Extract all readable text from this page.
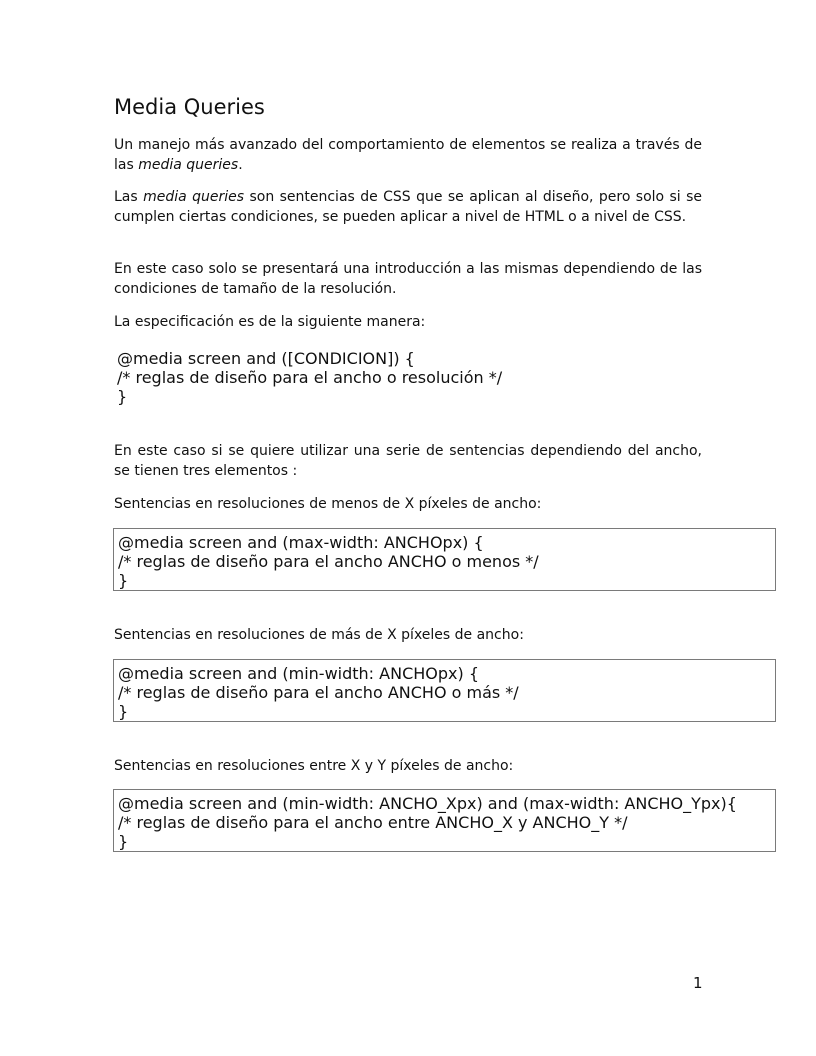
Media Queries

Un manejo más avanzado del comportamiento de elementos se realiza a través de las media queries.

Las media queries son sentencias de CSS que se aplican al diseño, pero solo si se cumplen ciertas condiciones, se pueden aplicar a nivel de HTML o a nivel de CSS.

En este caso solo se presentará una introducción a las mismas dependiendo de las condiciones de tamaño de la resolución.

La especificación es de la siguiente manera:

@media screen and ([CONDICION]) {
/* reglas de diseño para el ancho o resolución */
}

En este caso si se quiere utilizar una serie de sentencias dependiendo del ancho, se tienen tres elementos :

Sentencias en resoluciones de menos de X píxeles de ancho:

@media screen and (max-width: ANCHOpx) {
/* reglas de diseño para el ancho ANCHO o menos */
}

Sentencias en resoluciones de más de X píxeles de ancho:

@media screen and (min-width: ANCHOpx) {
/* reglas de diseño para el ancho ANCHO o más */
}

Sentencias en resoluciones entre X y Y píxeles de ancho:

@media screen and (min-width: ANCHO_Xpx) and (max-width: ANCHO_Ypx){
/* reglas de diseño para el ancho entre ANCHO_X y ANCHO_Y */
}
1
